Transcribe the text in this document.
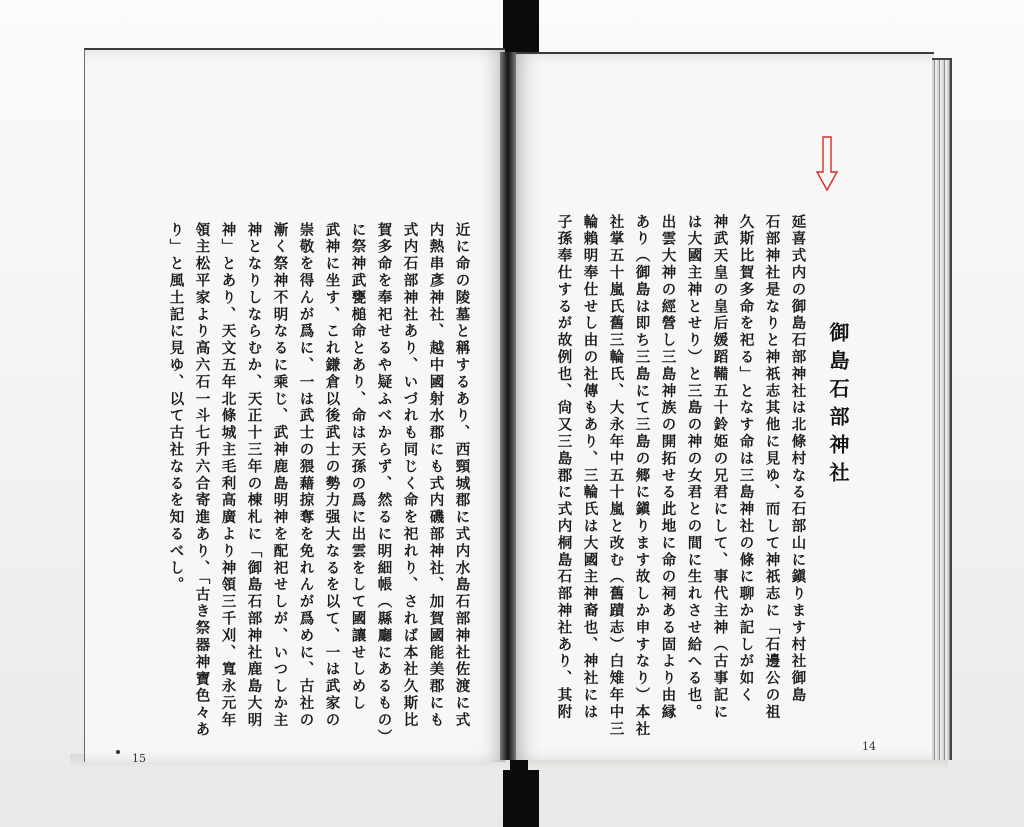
御島石部神社
延喜式内の御島石部神社は北條村なる石部山に鎭ります村社御島
石部神社是なりと神祇志其他に見ゆ、而して神祇志に「石邊公の祖
久斯比賀多命を祀る」となす命は三島神社の條に聊か記しが如く
神武天皇の皇后媛蹈鞴五十鈴姫の兄君にして、事代主神（古事記に
は大國主神とせり）と三島の神の女君との間に生れさせ給へる也。
出雲大神の經營し三島神族の開拓せる此地に命の祠ある固より由縁
あり（御島は即ち三島にて三島の郷に鎭ります故しか申すなり）本社
社掌五十嵐氏舊三輪氏、大永年中五十嵐と改む（舊蹟志）白雉年中三
輪賴明奉仕せし由の社傳もあり、三輪氏は大國主神裔也、神社には
子孫奉仕するが故例也、尙又三島郡に式内桐島石部神社あり、其附
近に命の陵墓と稱するあり、西頸城郡に式内水島石部神社佐渡に式
内熱串彥神社、越中國射水郡にも式内磯部神社、加賀國能美郡にも
式内石部神社あり、いづれも同じく命を祀れり、されば本社久斯比
賀多命を奉祀せるや疑ふべからず、然るに明細帳（縣廳にあるもの）
に祭神武甕槌命とあり、命は天孫の爲に出雲をして國讓せしめし
武神に坐す、これ鎌倉以後武士の勢力强大なるを以て、一は武家の
崇敬を得んが爲に、一は武士の猥藉掠奪を免れんが爲めに、古社の
漸く祭神不明なるに乘じ、武神鹿島明神を配祀せしが、いつしか主
神となりしならむか、天正十三年の棟札に「御島石部神社鹿島大明
神」とあり、天文五年北條城主毛利高廣より神領三千刈、寬永元年
領主松平家より高六石一斗七升六合寄進あり、「古き祭器神寶色々あ
り」と風土記に見ゆ、以て古社なるを知るべし。
15
14
